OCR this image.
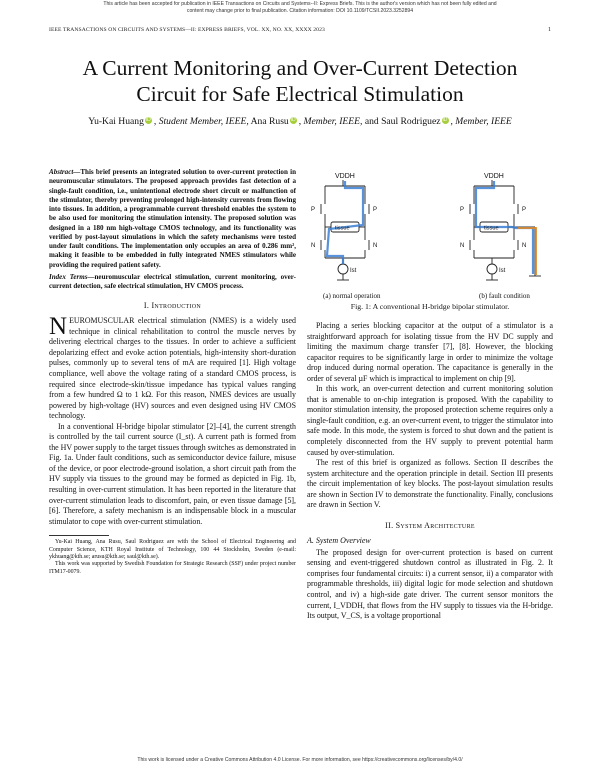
This article has been accepted for publication in IEEE Transactions on Circuits and Systems--II: Express Briefs. This is the author's version which has not been fully edited and
content may change prior to final publication. Citation information: DOI 10.1109/TCSII.2023.3252894
IEEE TRANSACTIONS ON CIRCUITS AND SYSTEMS—II: EXPRESS BRIEFS, VOL. XX, NO. XX, XXXX 2023	1
A Current Monitoring and Over-Current Detection
Circuit for Safe Electrical Stimulation
Yu-Kai Huang iD , Student Member, IEEE, Ana Rusu iD , Member, IEEE, and Saul Rodriguez iD , Member, IEEE

Abstract—This brief presents an integrated solution to over-current protection in neuromuscular stimulators. The proposed approach provides fast detection of a single-fault condition, i.e., unintentional electrode short circuit or malfunction of the stimulator, thereby preventing prolonged high-intensity currents from flowing into tissues. In addition, a programmable current threshold enables the system to be also used for monitoring the stimulation intensity. The proposed solution was designed in a 180 nm high-voltage CMOS technology, and its functionality was verified by post-layout simulations in which the safety mechanisms were tested under fault conditions. The implementation only occupies an area of 0.286 mm², making it feasible to be embedded in fully integrated NMES stimulators while providing the required patient safety.

Index Terms—neuromuscular electrical stimulation, current monitoring, over-current detection, safe electrical stimulation, HV CMOS process.

I. Introduction

NEUROMUSCULAR electrical stimulation (NMES) is a widely used technique in clinical rehabilitation to control the muscle nerves by delivering electrical charges to the tissues. In order to achieve a sufficient depolarizing effect and evoke action potentials, high-intensity short-duration pulses, commonly up to several tens of mA are required [1]. High voltage compliance, well above the voltage rating of a standard CMOS process, is required since electrode-skin/tissue impedance has typical values ranging from a few hundred Ω to 1 kΩ. For this reason, NMES devices are usually powered by high-voltage (HV) sources and even designed using HV CMOS technology.

In a conventional H-bridge bipolar stimulator [2]–[4], the current strength is controlled by the tail current source (I_st). A current path is formed from the HV power supply to the target tissues through switches as demonstrated in Fig. 1a. Under fault conditions, such as semiconductor device failure, misuse of the device, or poor electrode-ground isolation, a short circuit path from the HV supply via tissues to the ground may be formed as depicted in Fig. 1b, resulting in over-current stimulation. It has been reported in the literature that over-current stimulation leads to discomfort, pain, or even tissue damage [5], [6]. Therefore, a safety mechanism is an indispensable block in a muscular stimulator to cope with over-current stimulation.

Yu-Kai Huang, Ana Rusu, Saul Rodriguez are with the School of Electrical Engineering and Computer Science, KTH Royal Institute of Technology, 100 44 Stockholm, Sweden (e-mail: ykhuang@kth.se; arusu@kth.se; saul@kth.se).

This work was supported by Swedish Foundation for Strategic Research (SSF) under project number ITM17-0079.

VDDH	VDDH
tissue	tissue
Ist	Ist
P	P
N	N
P	P
N	N
(a) normal operation	(b) fault condition
Fig. 1: A conventional H-bridge bipolar stimulator.

Placing a series blocking capacitor at the output of a stimulator is a straightforward approach for isolating tissue from the HV DC supply and limiting the maximum charge transfer [7], [8]. However, the blocking capacitor requires to be significantly large in order to minimize the voltage drop induced during normal operation. The capacitance is generally in the order of several µF which is impractical to implement on chip [9].

In this work, an over-current detection and current monitoring solution that is amenable to on-chip integration is proposed. With the capability to monitor stimulation intensity, the proposed protection scheme requires only a single-fault condition, e.g. an over-current event, to trigger the stimulator into safe mode. In this mode, the system is forced to shut down and the patient is completely disconnected from the HV supply to prevent potential harm caused by over-stimulation.

The rest of this brief is organized as follows. Section II describes the system architecture and the operation principle in detail. Section III presents the circuit implementation of key blocks. The post-layout simulation results are shown in Section IV to demonstrate the functionality. Finally, conclusions are drawn in Section V.

II. System Architecture
A. System Overview

The proposed design for over-current protection is based on current sensing and event-triggered shutdown control as illustrated in Fig. 2. It comprises four fundamental circuits: i) a current sensor, ii) a comparator with programmable thresholds, iii) digital logic for mode selection and shutdown control, and iv) a high-side gate driver. The current sensor monitors the current, I_VDDH, that flows from the HV supply to tissues via the H-bridge. Its output, V_CS, is a voltage proportional

This work is licensed under a Creative Commons Attribution 4.0 License. For more information, see https://creativecommons.org/licenses/by/4.0/
